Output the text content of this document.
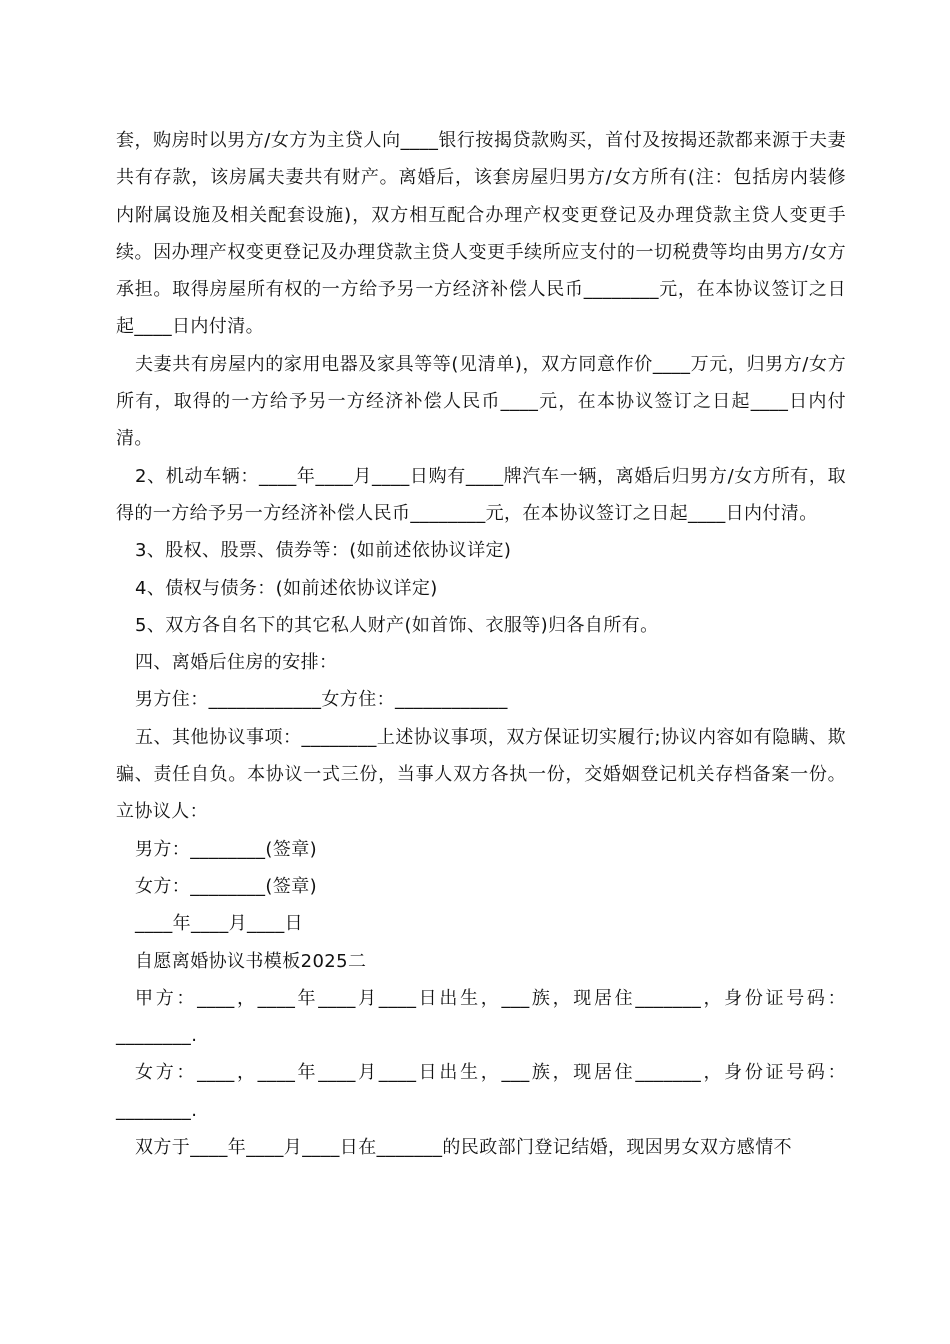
套，购房时以男方/女方为主贷人向____银行按揭贷款购买，首付及按揭还款都来源于夫妻共有存款，该房属夫妻共有财产。离婚后，该套房屋归男方/女方所有(注：包括房内装修内附属设施及相关配套设施)，双方相互配合办理产权变更登记及办理贷款主贷人变更手续。因办理产权变更登记及办理贷款主贷人变更手续所应支付的一切税费等均由男方/女方承担。取得房屋所有权的一方给予另一方经济补偿人民币________元，在本协议签订之日起____日内付清。

夫妻共有房屋内的家用电器及家具等等(见清单)，双方同意作价____万元，归男方/女方所有，取得的一方给予另一方经济补偿人民币____元，在本协议签订之日起____日内付清。

2、机动车辆：____年____月____日购有____牌汽车一辆，离婚后归男方/女方所有，取得的一方给予另一方经济补偿人民币________元，在本协议签订之日起____日内付清。

3、股权、股票、债券等：(如前述依协议详定)

4、债权与债务：(如前述依协议详定)

5、双方各自名下的其它私人财产(如首饰、衣服等)归各自所有。

四、离婚后住房的安排：

男方住：____________女方住：____________

五、其他协议事项：________上述协议事项，双方保证切实履行;协议内容如有隐瞒、欺骗、责任自负。本协议一式三份，当事人双方各执一份，交婚姻登记机关存档备案一份。立协议人：

男方：________(签章)

女方：________(签章)

____年____月____日

自愿离婚协议书模板2025二

甲方：____，____年____月____日出生，___族，现居住_______，身份证号码：________.

女方：____，____年____月____日出生，___族，现居住_______，身份证号码：________.

双方于____年____月____日在_______的民政部门登记结婚，现因男女双方感情不
